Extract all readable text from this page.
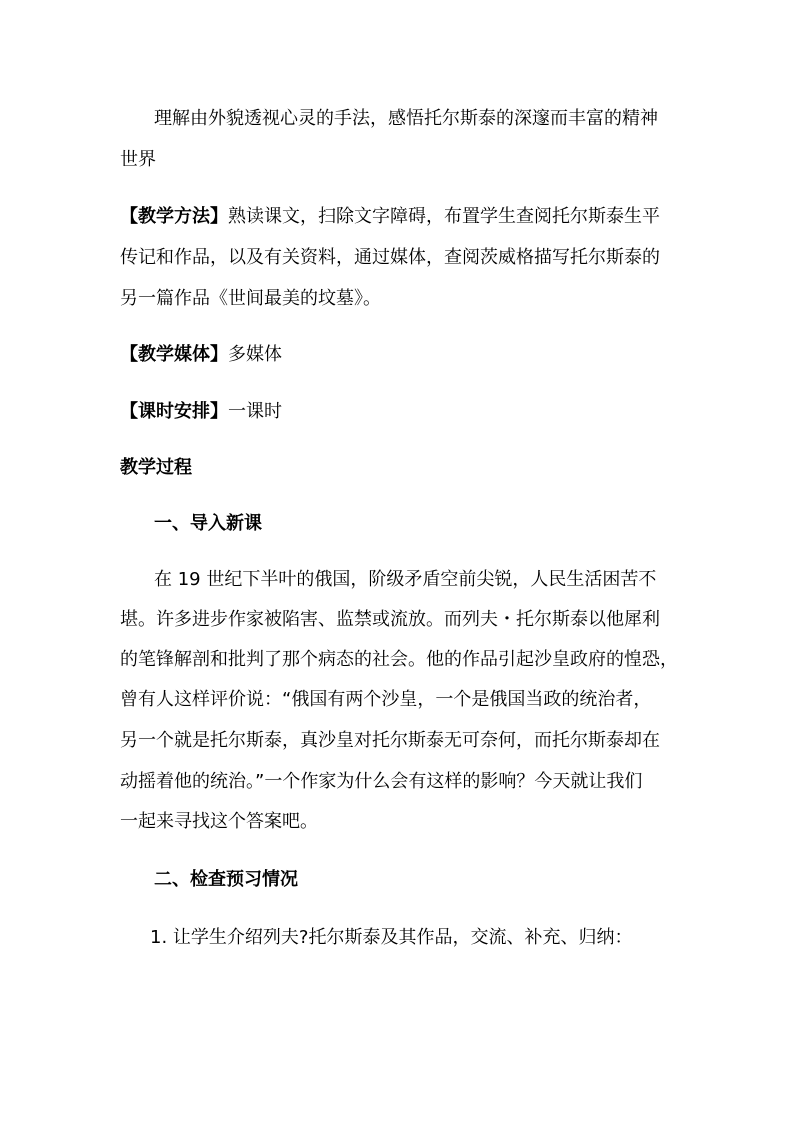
理解由外貌透视心灵的手法，感悟托尔斯泰的深邃而丰富的精神
世界
【教学方法】熟读课文，扫除文字障碍，布置学生查阅托尔斯泰生平
传记和作品，以及有关资料，通过媒体，查阅茨威格描写托尔斯泰的
另一篇作品《世间最美的坟墓》。
【教学媒体】多媒体
【课时安排】一课时
教学过程
一、导入新课
在 19 世纪下半叶的俄国，阶级矛盾空前尖锐，人民生活困苦不
堪。许多进步作家被陷害、监禁或流放。而列夫・托尔斯泰以他犀利
的笔锋解剖和批判了那个病态的社会。他的作品引起沙皇政府的惶恐，
曾有人这样评价说：“俄国有两个沙皇，一个是俄国当政的统治者，
另一个就是托尔斯泰，真沙皇对托尔斯泰无可奈何，而托尔斯泰却在
动摇着他的统治。”一个作家为什么会有这样的影响？今天就让我们
一起来寻找这个答案吧。
二、检查预习情况
1. 让学生介绍列夫?托尔斯泰及其作品，交流、补充、归纳：
